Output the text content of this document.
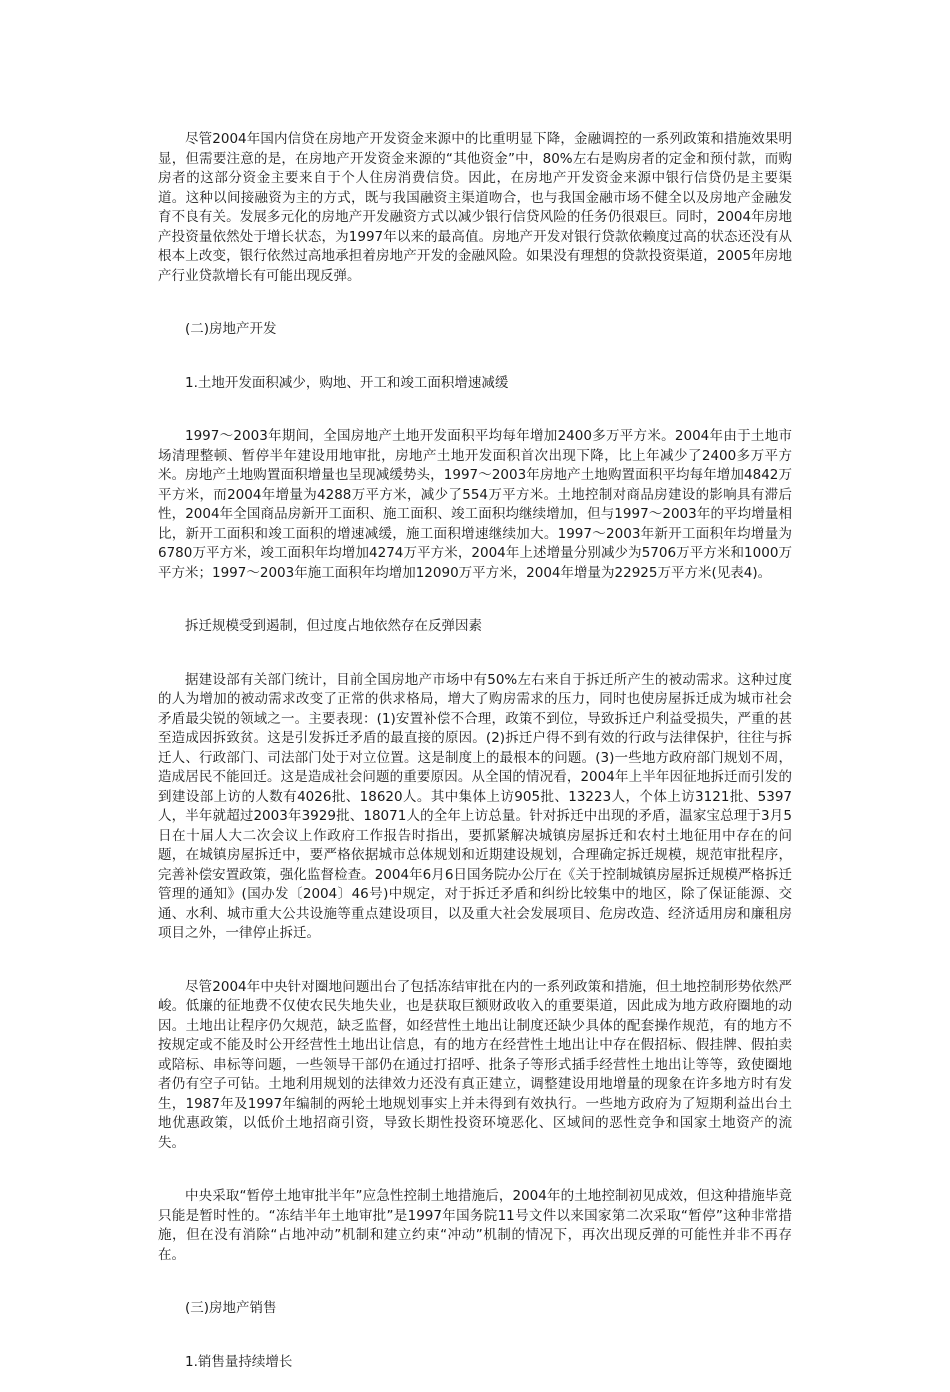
尽管2004年国内信贷在房地产开发资金来源中的比重明显下降，金融调控的一系列政策和措施效果明显，但需要注意的是，在房地产开发资金来源的“其他资金”中，80%左右是购房者的定金和预付款，而购房者的这部分资金主要来自于个人住房消费信贷。因此，在房地产开发资金来源中银行信贷仍是主要渠道。这种以间接融资为主的方式，既与我国融资主渠道吻合，也与我国金融市场不健全以及房地产金融发育不良有关。发展多元化的房地产开发融资方式以减少银行信贷风险的任务仍很艰巨。同时，2004年房地产投资量依然处于增长状态，为1997年以来的最高值。房地产开发对银行贷款依赖度过高的状态还没有从根本上改变，银行依然过高地承担着房地产开发的金融风险。如果没有理想的贷款投资渠道，2005年房地产行业贷款增长有可能出现反弹。

(二)房地产开发

1.土地开发面积减少，购地、开工和竣工面积增速减缓

1997～2003年期间，全国房地产土地开发面积平均每年增加2400多万平方米。2004年由于土地市场清理整顿、暂停半年建设用地审批，房地产土地开发面积首次出现下降，比上年减少了2400多万平方米。房地产土地购置面积增量也呈现减缓势头，1997～2003年房地产土地购置面积平均每年增加4842万平方米，而2004年增量为4288万平方米，减少了554万平方米。土地控制对商品房建设的影响具有滞后性，2004年全国商品房新开工面积、施工面积、竣工面积均继续增加，但与1997～2003年的平均增量相比，新开工面积和竣工面积的增速减缓，施工面积增速继续加大。1997～2003年新开工面积年均增量为6780万平方米，竣工面积年均增加4274万平方米，2004年上述增量分别减少为5706万平方米和1000万平方米；1997～2003年施工面积年均增加12090万平方米，2004年增量为22925万平方米(见表4)。

拆迁规模受到遏制，但过度占地依然存在反弹因素

据建设部有关部门统计，目前全国房地产市场中有50%左右来自于拆迁所产生的被动需求。这种过度的人为增加的被动需求改变了正常的供求格局，增大了购房需求的压力，同时也使房屋拆迁成为城市社会矛盾最尖锐的领域之一。主要表现：(1)安置补偿不合理，政策不到位，导致拆迁户利益受损失，严重的甚至造成因拆致贫。这是引发拆迁矛盾的最直接的原因。(2)拆迁户得不到有效的行政与法律保护，往往与拆迁人、行政部门、司法部门处于对立位置。这是制度上的最根本的问题。(3)一些地方政府部门规划不周，造成居民不能回迁。这是造成社会问题的重要原因。从全国的情况看，2004年上半年因征地拆迁而引发的到建设部上访的人数有4026批、18620人。其中集体上访905批、13223人，个体上访3121批、5397人，半年就超过2003年3929批、18071人的全年上访总量。针对拆迁中出现的矛盾，温家宝总理于3月5日在十届人大二次会议上作政府工作报告时指出，要抓紧解决城镇房屋拆迁和农村土地征用中存在的问题，在城镇房屋拆迁中，要严格依据城市总体规划和近期建设规划，合理确定拆迁规模，规范审批程序，完善补偿安置政策，强化监督检查。2004年6月6日国务院办公厅在《关于控制城镇房屋拆迁规模严格拆迁管理的通知》(国办发〔2004〕46号)中规定，对于拆迁矛盾和纠纷比较集中的地区，除了保证能源、交通、水利、城市重大公共设施等重点建设项目，以及重大社会发展项目、危房改造、经济适用房和廉租房项目之外，一律停止拆迁。

尽管2004年中央针对圈地问题出台了包括冻结审批在内的一系列政策和措施，但土地控制形势依然严峻。低廉的征地费不仅使农民失地失业，也是获取巨额财政收入的重要渠道，因此成为地方政府圈地的动因。土地出让程序仍欠规范，缺乏监督，如经营性土地出让制度还缺少具体的配套操作规范，有的地方不按规定或不能及时公开经营性土地出让信息，有的地方在经营性土地出让中存在假招标、假挂牌、假拍卖或陪标、串标等问题，一些领导干部仍在通过打招呼、批条子等形式插手经营性土地出让等等，致使圈地者仍有空子可钻。土地利用规划的法律效力还没有真正建立，调整建设用地增量的现象在许多地方时有发生，1987年及1997年编制的两轮土地规划事实上并未得到有效执行。一些地方政府为了短期利益出台土地优惠政策，以低价土地招商引资，导致长期性投资环境恶化、区域间的恶性竞争和国家土地资产的流失。

中央采取“暂停土地审批半年”应急性控制土地措施后，2004年的土地控制初见成效，但这种措施毕竟只能是暂时性的。“冻结半年土地审批”是1997年国务院11号文件以来国家第二次采取“暂停”这种非常措施，但在没有消除“占地冲动”机制和建立约束“冲动”机制的情况下，再次出现反弹的可能性并非不再存在。

(三)房地产销售

1.销售量持续增长
